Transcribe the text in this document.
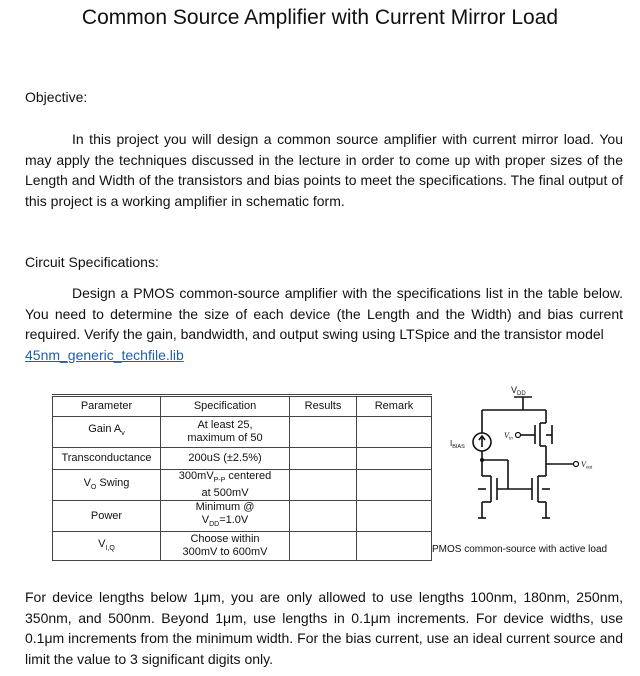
Common Source Amplifier with Current Mirror Load
Objective:
In this project you will design a common source amplifier with current mirror load. You may apply the techniques discussed in the lecture in order to come up with proper sizes of the Length and Width of the transistors and bias points to meet the specifications. The final output of this project is a working amplifier in schematic form.
Circuit Specifications:
Design a PMOS common-source amplifier with the specifications list in the table below. You need to determine the size of each device (the Length and the Width) and bias current required. Verify the gain, bandwidth, and output swing using LTSpice and the transistor model
45nm_generic_techfile.lib
Parameter	Specification	Results	Remark
Gain $A_v$	At least 25,
maximum of 50		
Transconductance	200uS (±2.5%)		
$V_O$ Swing	$300mV_{P-P}$ centered
at 500mV		
Power	Minimum @
$V_{DD}=1.0V$		
$V_{I,Q}$	Choose within
300mV to 600mV		
$V_{DD}$
$I_{BIAS}$
Vin
Vout
PMOS common-source with active load
For device lengths below 1μm, you are only allowed to use lengths 100nm, 180nm, 250nm, 350nm, and 500nm. Beyond 1μm, use lengths in 0.1μm increments. For device widths, use 0.1μm increments from the minimum width. For the bias current, use an ideal current source and limit the value to 3 significant digits only.
